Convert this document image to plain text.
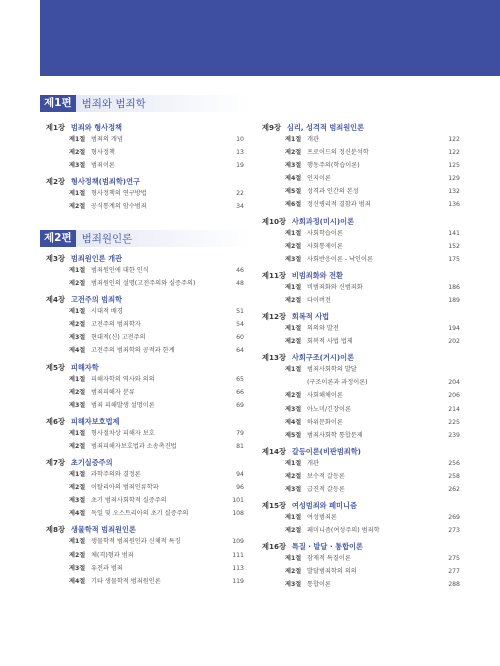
제1편 범죄와 범죄학
제2편 범죄원인론
제1장 범죄와 형사정책
제1절 범죄의 개념	10
제2절 형사정책	13
제3절 범죄이론	19
제2장 형사정책(범죄학)연구
제1절 형사정책의 연구방법	22
제2절 공식통계의 암수범죄	34
제3장 범죄원인론 개관
제1절 범죄원인에 대한 인식	46
제2절 범죄원인의 설명(고전주의와 실증주의)	48
제4장 고전주의 범죄학
제1절 시대적 배경	51
제2절 고전주의 범죄학자	54
제3절 현대적(신) 고전주의	60
제4절 고전주의 범죄학의 공적과 한계	64
제5장 피해자학
제1절 피해자학의 역사와 의의	65
제2절 범죄피해자 분류	66
제3절 범죄 피해발생 설명이론	69
제6장 피해자보호법제
제1절 형사절차상 피해자 보호	79
제2절 범죄피해자보호법과 소송촉진법	81
제7장 초기실증주의
제1절 과학주의와 결정론	94
제2절 이탈리아의 범죄인류학파	96
제3절 초기 범죄사회학적 실증주의	101
제4절 독일 및 오스트리아의 초기 실증주의	108
제8장 생물학적 범죄원인론
제1절 생물학적 범죄원인과 신체적 특징	109
제2절 체(격)형과 범죄	111
제3절 유전과 범죄	113
제4절 기타 생물학적 범죄원인론	119
제9장 심리, 성격적 범죄원인론
제1절 개관	122
제2절 프로이드의 정신분석학	122
제3절 행동주의(학습이론)	125
제4절 인지이론	129
제5절 성격과 인간의 본성	132
제6절 정신병리적 결함과 범죄	136
제10장 사회과정(미시)이론
제1절 사회학습이론	141
제2절 사회통제이론	152
제3절 사회반응이론 - 낙인이론	175
제11장 비범죄화와 전환
제1절 비범죄화와 신범죄화	186
제2절 다이버전	189
제12장 회복적 사법
제1절 의의와 발전	194
제2절 회복적 사법 법제	202
제13장 사회구조(거시)이론
제1절 범죄사회학의 발달
(구조이론과 과정이론)	204
제2절 사회해체이론	206
제3절 아노미/긴장이론	214
제4절 하위문화이론	225
제5절 범죄사회학 통합문제	239
제14장 갈등이론(비판범죄학)
제1절 개관	256
제2절 보수적 갈등론	258
제3절 급진적 갈등론	262
제15장 여성범죄와 페미니즘
제1절 여성범죄론	269
제2절 페미니즘(여성주의) 범죄학	273
제16장 특질 · 발달 · 통합이론
제1절 잠재적 특질이론	275
제2절 발달범죄학의 의의	277
제3절 통합이론	288
